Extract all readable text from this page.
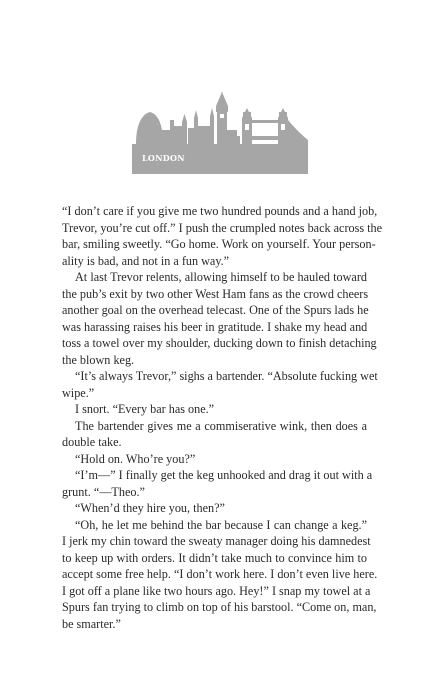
LONDON
“I don’t care if you give me two hundred pounds and a hand job,
Trevor, you’re cut off.” I push the crumpled notes back across the
bar, smiling sweetly. “Go home. Work on yourself. Your person-
ality is bad, and not in a fun way.”
At last Trevor relents, allowing himself to be hauled toward
the pub’s exit by two other West Ham fans as the crowd cheers
another goal on the overhead telecast. One of the Spurs lads he
was harassing raises his beer in gratitude. I shake my head and
toss a towel over my shoulder, ducking down to finish detaching
the blown keg.
“It’s always Trevor,” sighs a bartender. “Absolute fucking wet
wipe.”
I snort. “Every bar has one.”
The bartender gives me a commiserative wink, then does a
double take.
“Hold on. Who’re you?”
“I’m—” I finally get the keg unhooked and drag it out with a
grunt. “—Theo.”
“When’d they hire you, then?”
“Oh, he let me behind the bar because I can change a keg.”
I jerk my chin toward the sweaty manager doing his damnedest
to keep up with orders. It didn’t take much to convince him to
accept some free help. “I don’t work here. I don’t even live here.
I got off a plane like two hours ago. Hey!” I snap my towel at a
Spurs fan trying to climb on top of his barstool. “Come on, man,
be smarter.”
